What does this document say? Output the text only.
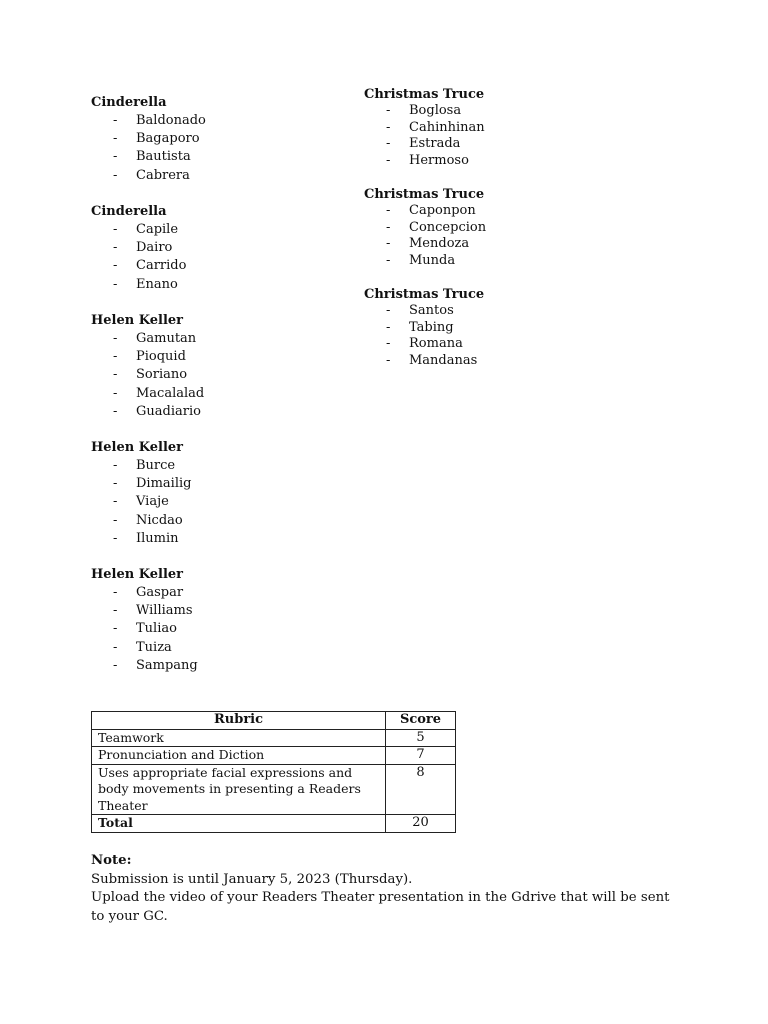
Cinderella
- Baldonado
- Bagaporo
- Bautista
- Cabrera
Cinderella
- Capile
- Dairo
- Carrido
- Enano
Helen Keller
- Gamutan
- Pioquid
- Soriano
- Macalalad
- Guadiario
Helen Keller
- Burce
- Dimailig
- Viaje
- Nicdao
- Ilumin
Helen Keller
- Gaspar
- Williams
- Tuliao
- Tuiza
- Sampang
Christmas Truce
- Boglosa
- Cahinhinan
- Estrada
- Hermoso
Christmas Truce
- Caponpon
- Concepcion
- Mendoza
- Munda
Christmas Truce
- Santos
- Tabing
- Romana
- Mandanas
Rubric	Score
Teamwork	5
Pronunciation and Diction	7
Uses appropriate facial expressions and body movements in presenting a Readers Theater	8
Total	20
Note:
Submission is until January 5, 2023 (Thursday).
Upload the video of your Readers Theater presentation in the Gdrive that will be sent to your GC.
